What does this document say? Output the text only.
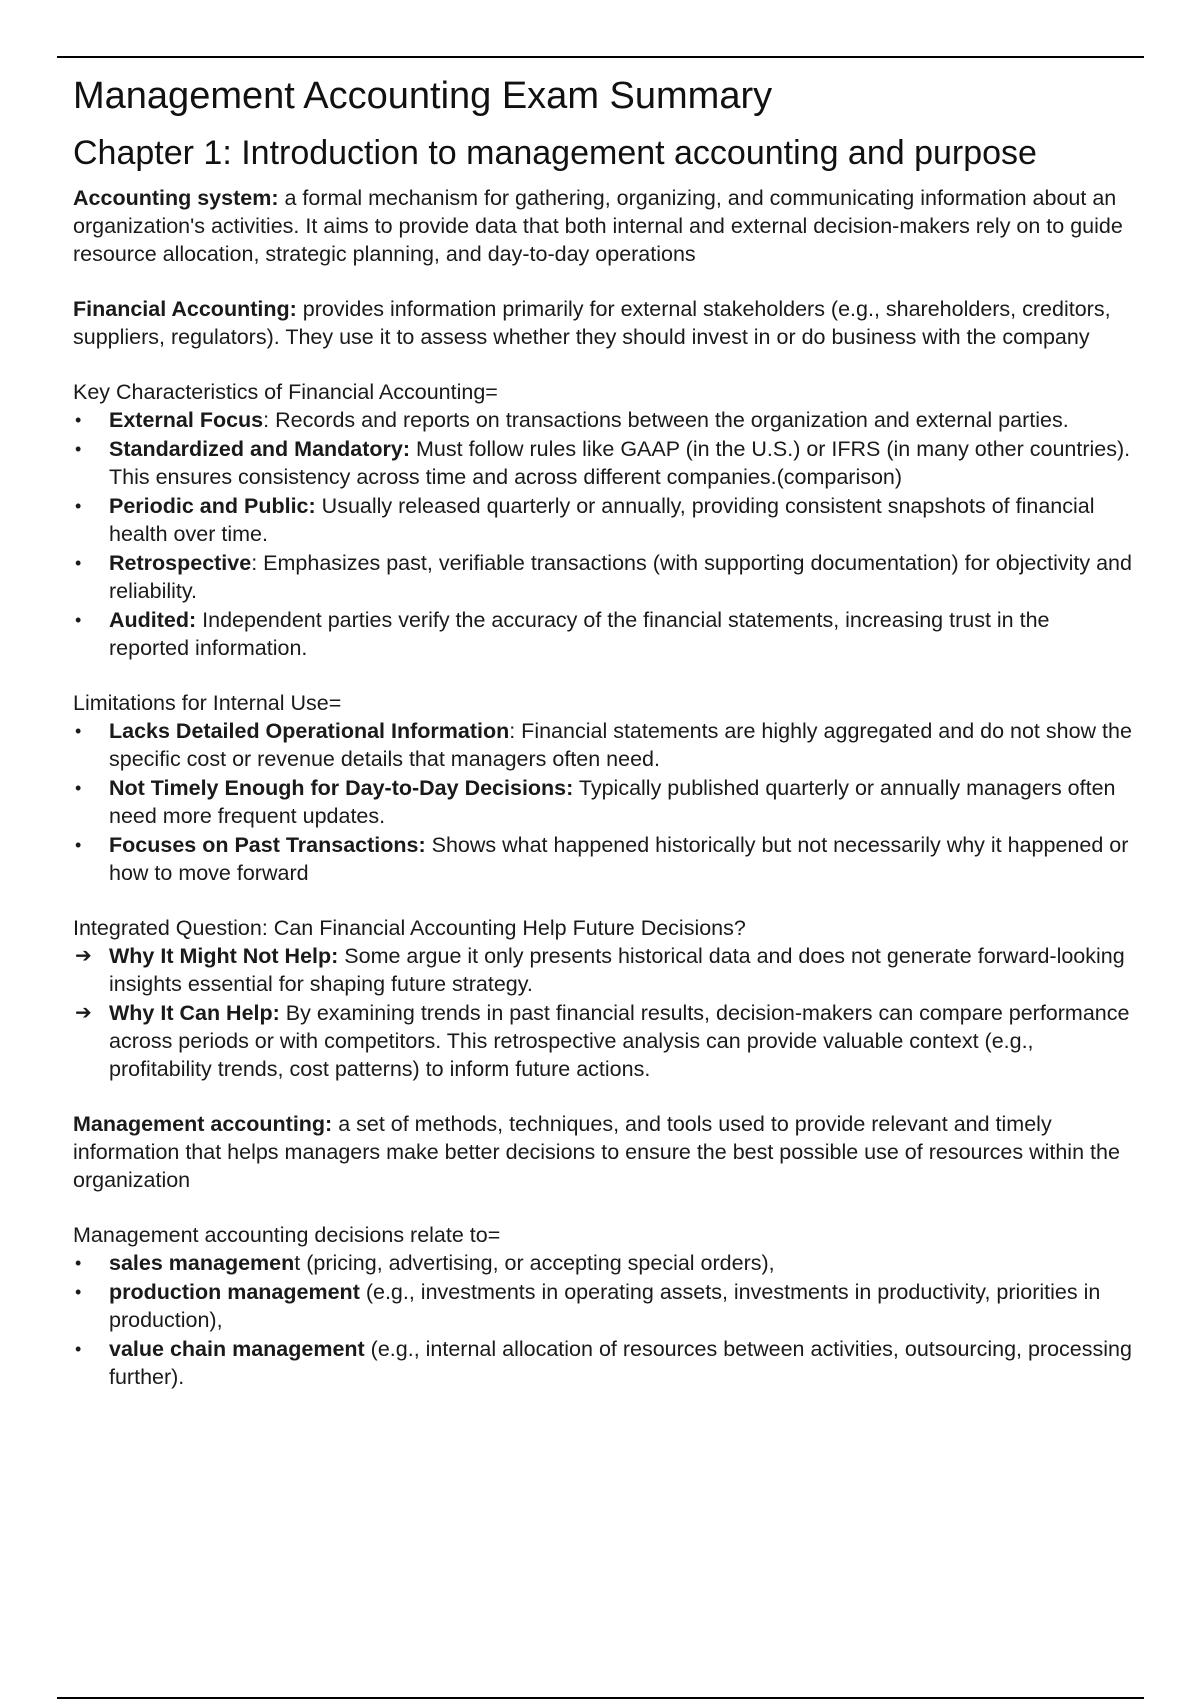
Management Accounting Exam Summary
Chapter 1: Introduction to management accounting and purpose

Accounting system: a formal mechanism for gathering, organizing, and communicating information about an organization's activities. It aims to provide data that both internal and external decision-makers rely on to guide resource allocation, strategic planning, and day-to-day operations

Financial Accounting: provides information primarily for external stakeholders (e.g., shareholders, creditors, suppliers, regulators). They use it to assess whether they should invest in or do business with the company

Key Characteristics of Financial Accounting=

•	External Focus: Records and reports on transactions between the organization and external parties.
•	Standardized and Mandatory: Must follow rules like GAAP (in the U.S.) or IFRS (in many other countries). This ensures consistency across time and across different companies.(comparison)
•	Periodic and Public: Usually released quarterly or annually, providing consistent snapshots of financial health over time.
•	Retrospective: Emphasizes past, verifiable transactions (with supporting documentation) for objectivity and reliability.
•	Audited: Independent parties verify the accuracy of the financial statements, increasing trust in the reported information.

Limitations for Internal Use=

•	Lacks Detailed Operational Information: Financial statements are highly aggregated and do not show the specific cost or revenue details that managers often need.
•	Not Timely Enough for Day-to-Day Decisions: Typically published quarterly or annually managers often need more frequent updates.
•	Focuses on Past Transactions: Shows what happened historically but not necessarily why it happened or how to move forward

Integrated Question: Can Financial Accounting Help Future Decisions?

➔ Why It Might Not Help: Some argue it only presents historical data and does not generate forward-looking insights essential for shaping future strategy.
➔ Why It Can Help: By examining trends in past financial results, decision-makers can compare performance across periods or with competitors. This retrospective analysis can provide valuable context (e.g., profitability trends, cost patterns) to inform future actions.

Management accounting: a set of methods, techniques, and tools used to provide relevant and timely information that helps managers make better decisions to ensure the best possible use of resources within the organization

Management accounting decisions relate to=

•	sales management (pricing, advertising, or accepting special orders),
•	production management (e.g., investments in operating assets, investments in productivity, priorities in production),
•	value chain management (e.g., internal allocation of resources between activities, outsourcing, processing further).
